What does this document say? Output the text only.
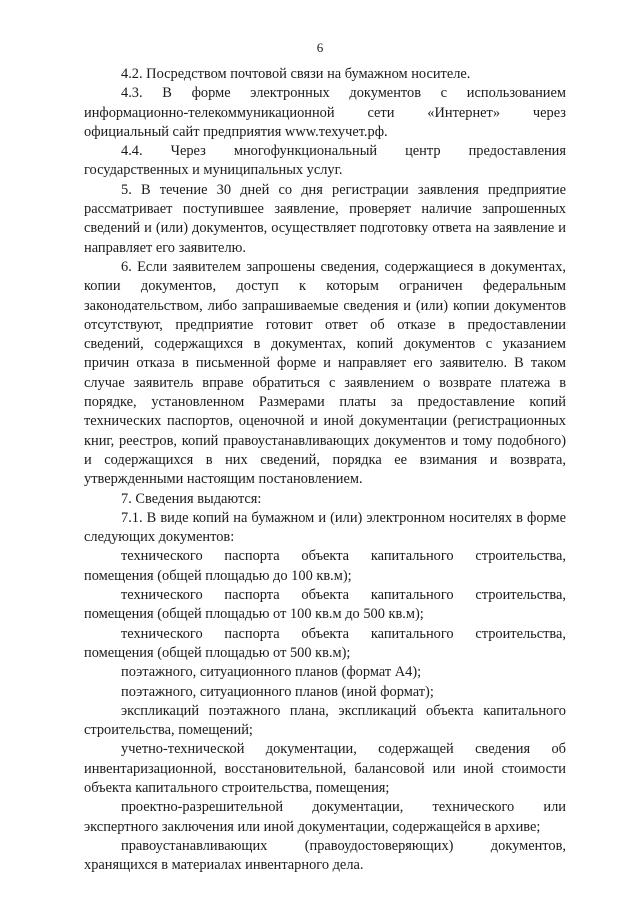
6

4.2. Посредством почтовой связи на бумажном носителе.

4.3. В форме электронных документов с использованием информационно-телекоммуникационной сети «Интернет» через официальный сайт предприятия www.техучет.рф.

4.4. Через многофункциональный центр предоставления государственных и муниципальных услуг.

5. В течение 30 дней со дня регистрации заявления предприятие рассматривает поступившее заявление, проверяет наличие запрошенных сведений и (или) документов, осуществляет подготовку ответа на заявление и направляет его заявителю.

6. Если заявителем запрошены сведения, содержащиеся в документах, копии документов, доступ к которым ограничен федеральным законодательством, либо запрашиваемые сведения и (или) копии документов отсутствуют, предприятие готовит ответ об отказе в предоставлении сведений, содержащихся в документах, копий документов с указанием причин отказа в письменной форме и направляет его заявителю. В таком случае заявитель вправе обратиться с заявлением о возврате платежа в порядке, установленном Размерами платы за предоставление копий технических паспортов, оценочной и иной документации (регистрационных книг, реестров, копий правоустанавливающих документов и тому подобного) и содержащихся в них сведений, порядка ее взимания и возврата, утвержденными настоящим постановлением.

7. Сведения выдаются:

7.1. В виде копий на бумажном и (или) электронном носителях в форме следующих документов:

технического паспорта объекта капитального строительства, помещения (общей площадью до 100 кв.м);

технического паспорта объекта капитального строительства, помещения (общей площадью от 100 кв.м до 500 кв.м);

технического паспорта объекта капитального строительства, помещения (общей площадью от 500 кв.м);

поэтажного, ситуационного планов (формат А4);

поэтажного, ситуационного планов (иной формат);

экспликаций поэтажного плана, экспликаций объекта капитального строительства, помещений;

учетно-технической документации, содержащей сведения об инвентаризационной, восстановительной, балансовой или иной стоимости объекта капитального строительства, помещения;

проектно-разрешительной документации, технического или экспертного заключения или иной документации, содержащейся в архиве;

правоустанавливающих (правоудостоверяющих) документов, хранящихся в материалах инвентарного дела.
